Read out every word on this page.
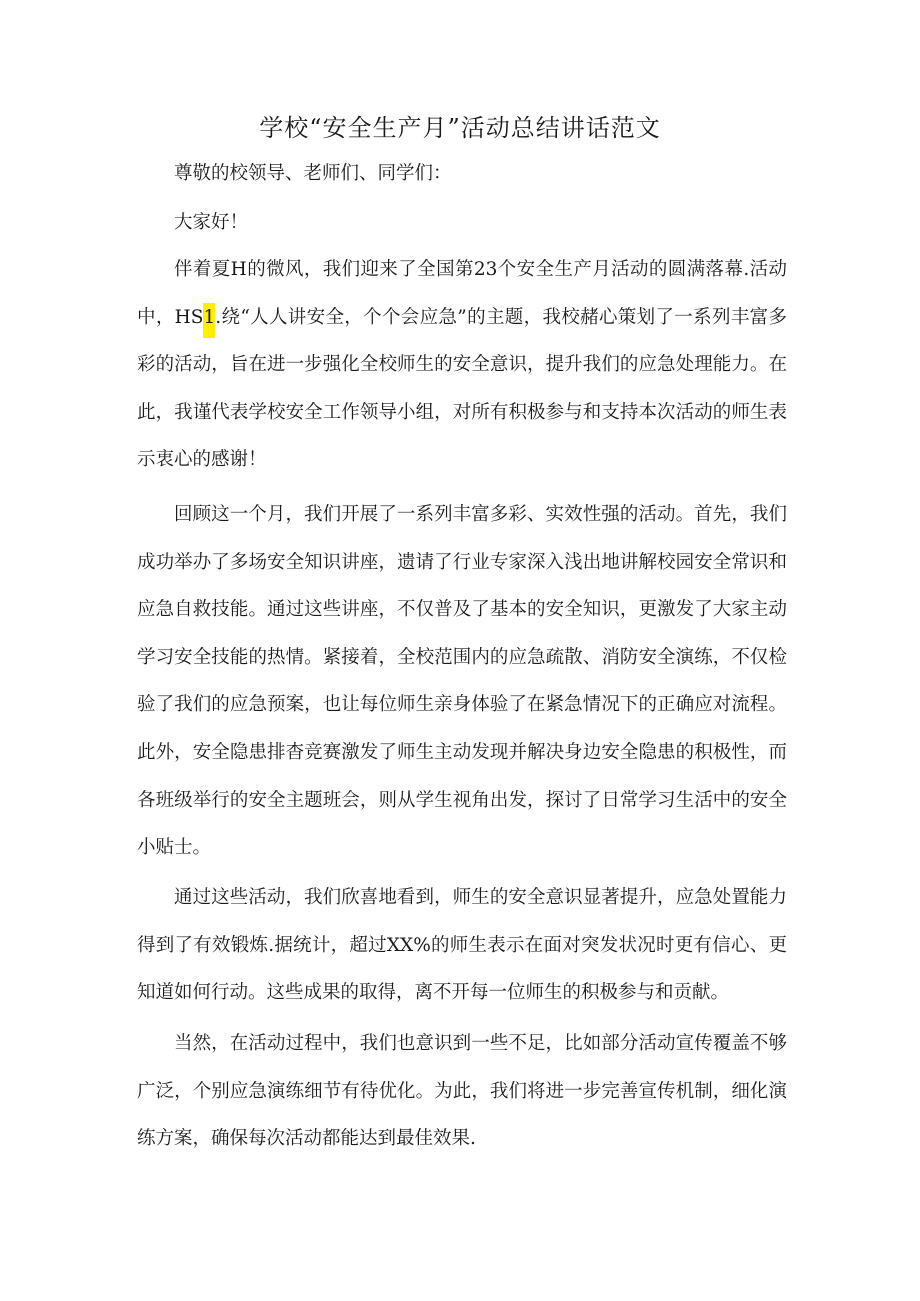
学校“安全生产月”活动总结讲话范文

尊敬的校领导、老师们、同学们：

大家好！

伴着夏H的微风，我们迎来了全国第23个安全生产月活动的圆满落幕.活动中，HS1.绕“人人讲安全，个个会应急”的主题，我校赭心策划了一系列丰富多彩的活动，旨在进一步强化全校师生的安全意识，提升我们的应急处理能力。在此，我谨代表学校安全工作领导小组，对所有积极参与和支持本次活动的师生表示衷心的感谢！

回顾这一个月，我们开展了一系列丰富多彩、实效性强的活动。首先，我们成功举办了多场安全知识讲座，遗请了行业专家深入浅出地讲解校园安全常识和应急自救技能。通过这些讲座，不仅普及了基本的安全知识，更激发了大家主动学习安全技能的热情。紧接着，全校范围内的应急疏散、消防安全演练，不仅检验了我们的应急预案，也让每位师生亲身体验了在紧急情况下的正确应对流程。此外，安全隐患排杳竞赛激发了师生主动发现并解决身边安全隐患的积极性，而各班级举行的安全主题班会，则从学生视角出发，探讨了日常学习生活中的安全小贴士。

通过这些活动，我们欣喜地看到，师生的安全意识显著提升，应急处置能力得到了有效锻炼.据统计，超过XX%的师生表示在面对突发状况时更有信心、更知道如何行动。这些成果的取得，离不开每一位师生的积极参与和贡献。

当然，在活动过程中，我们也意识到一些不足，比如部分活动宣传覆盖不够广泛，个别应急演练细节有待优化。为此，我们将进一步完善宣传机制，细化演练方案，确保每次活动都能达到最佳效果.
